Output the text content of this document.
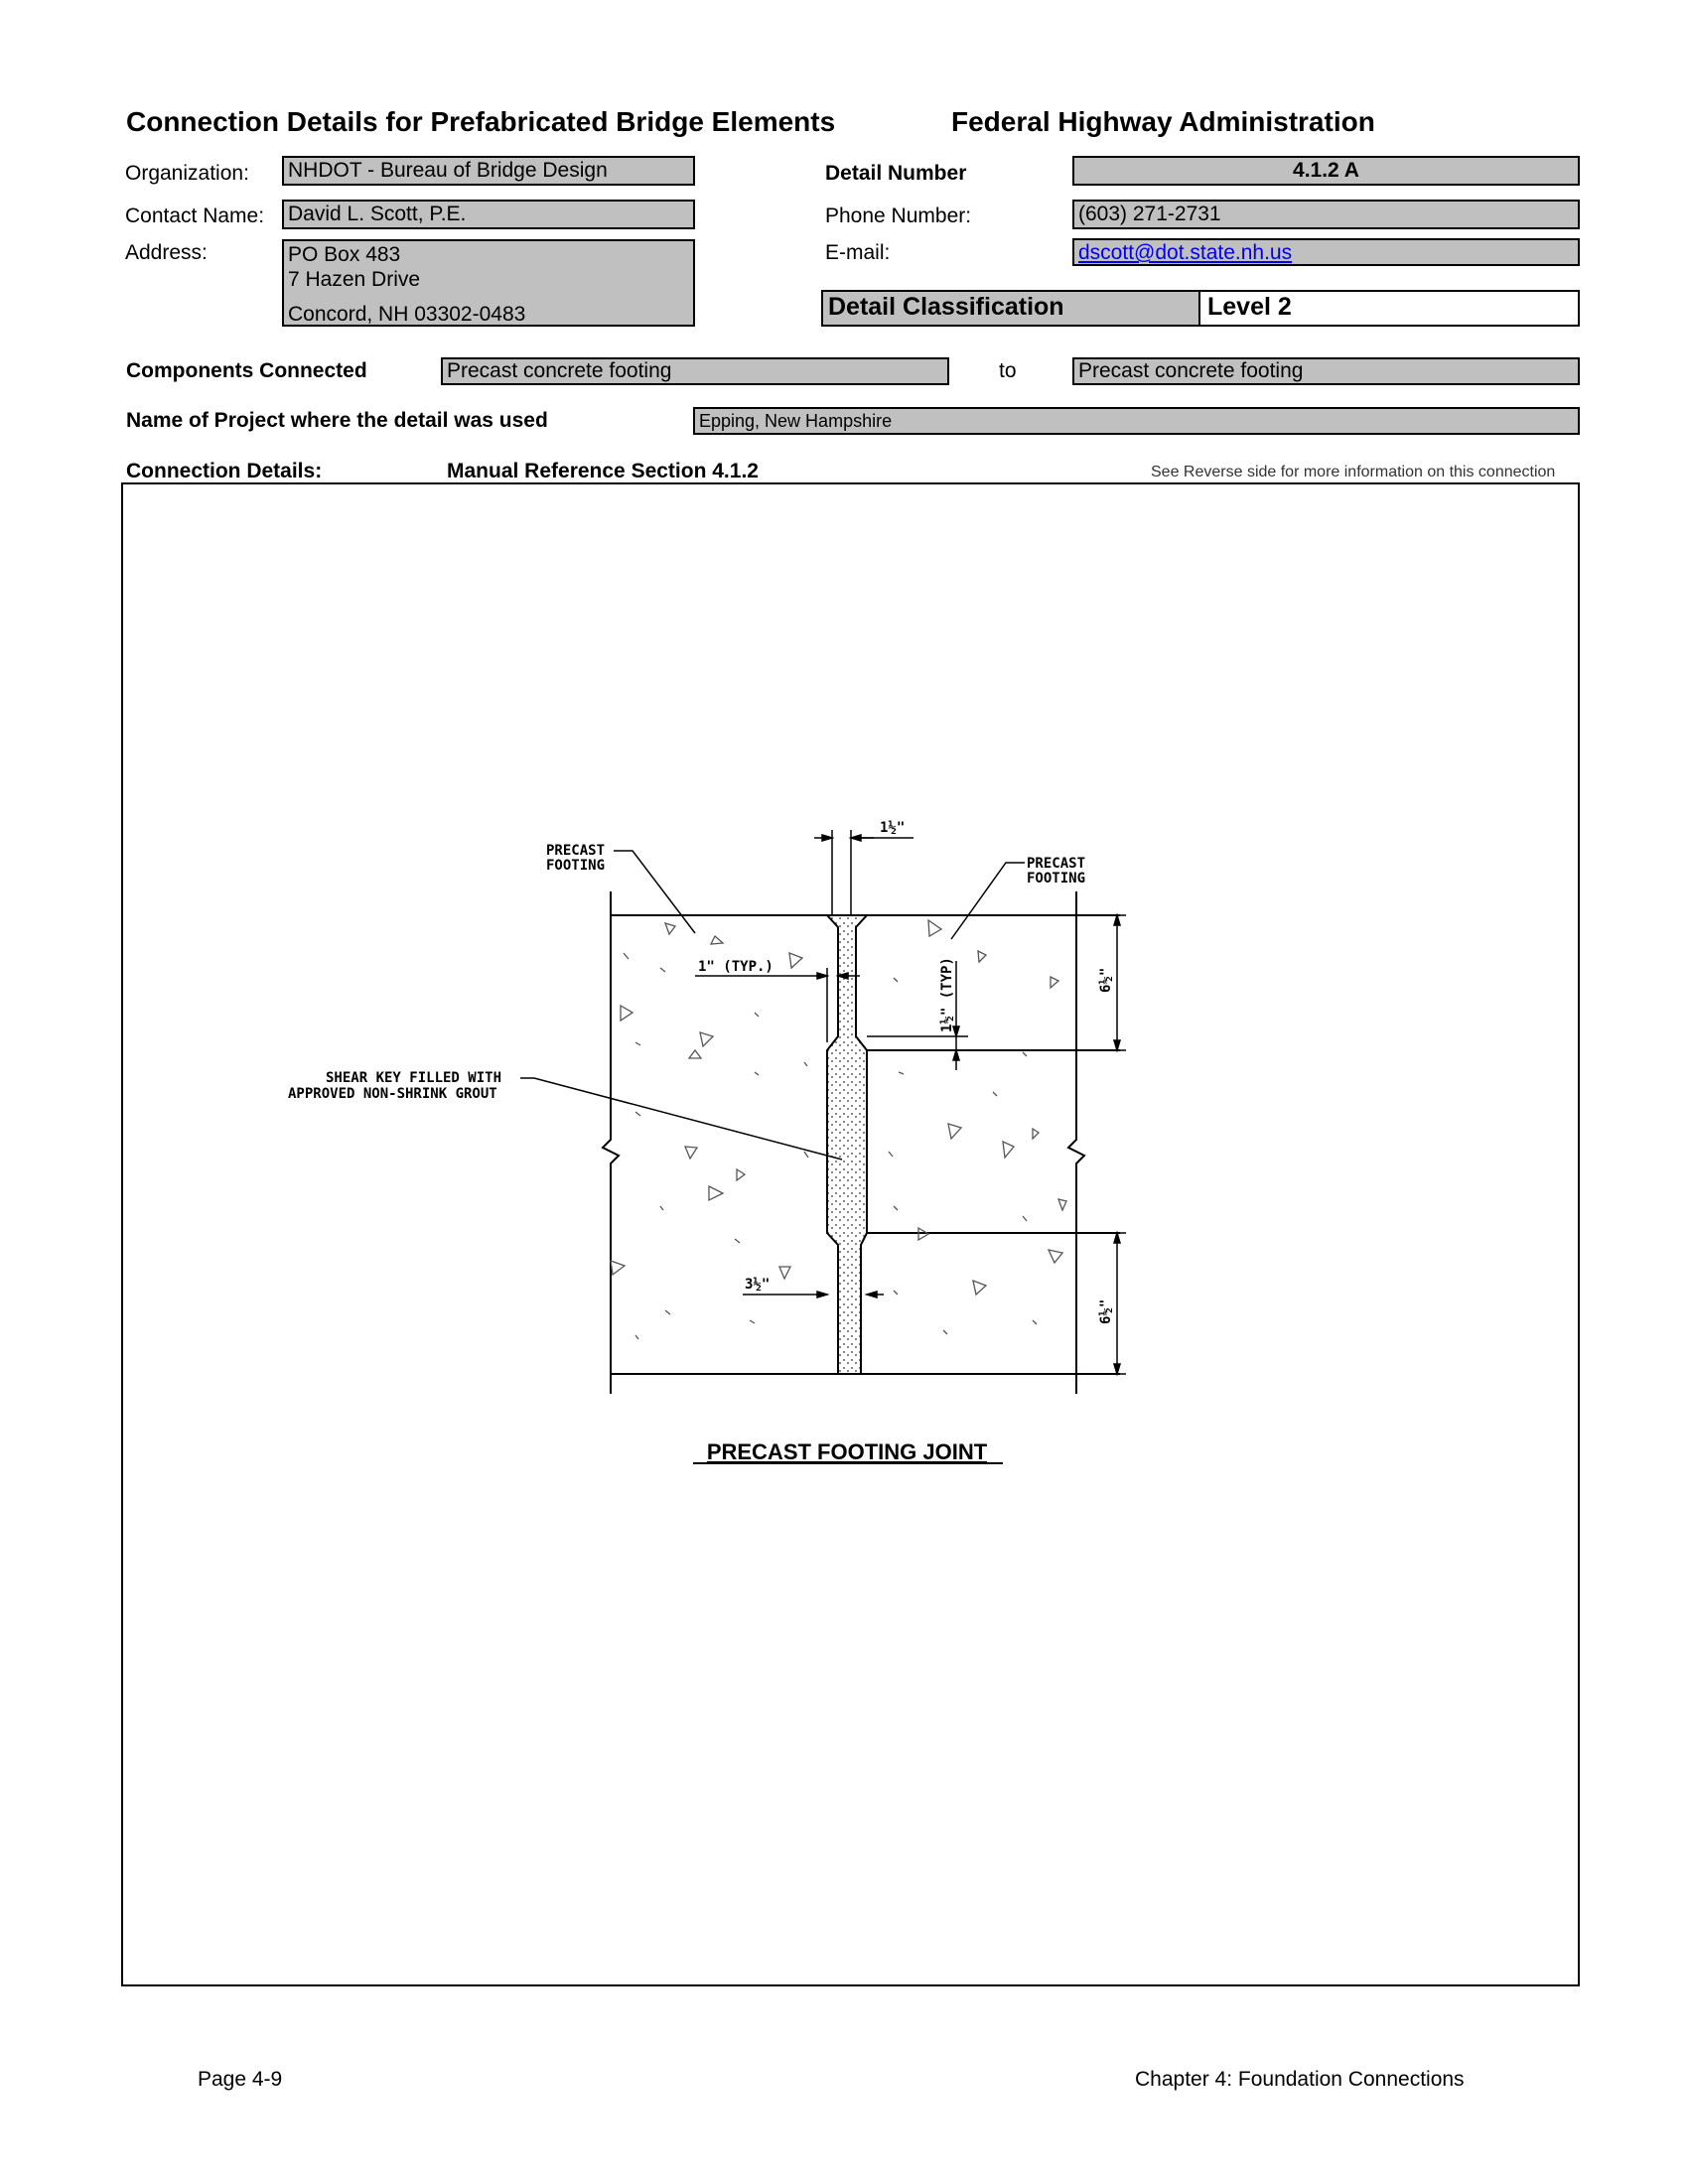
Connection Details for Prefabricated Bridge Elements	Federal Highway Administration
Organization: NHDOT - Bureau of Bridge Design
Contact Name: David L. Scott, P.E.
Address:	PO Box 483
7 Hazen Drive
Concord, NH 03302-0483
Detail Number	4.1.2 A
Phone Number:	(603) 271-2731
E-mail:	dscott@dot.state.nh.us
Detail Classification	Level 2
Components Connected	Precast concrete footing	to	Precast concrete footing
Name of Project where the detail was used	Epping, New Hampshire
Connection Details:	Manual Reference Section 4.1.2	See Reverse side for more information on this connection
1½"
PRECAST
FOOTING	PRECAST
FOOTING
1" (TYP.)	1½" (TYP)	6½"
6½"
3½"
SHEAR KEY FILLED WITH
APPROVED NON-SHRINK GROUT
PRECAST FOOTING JOINT
Page 4-9	Chapter 4: Foundation Connections
